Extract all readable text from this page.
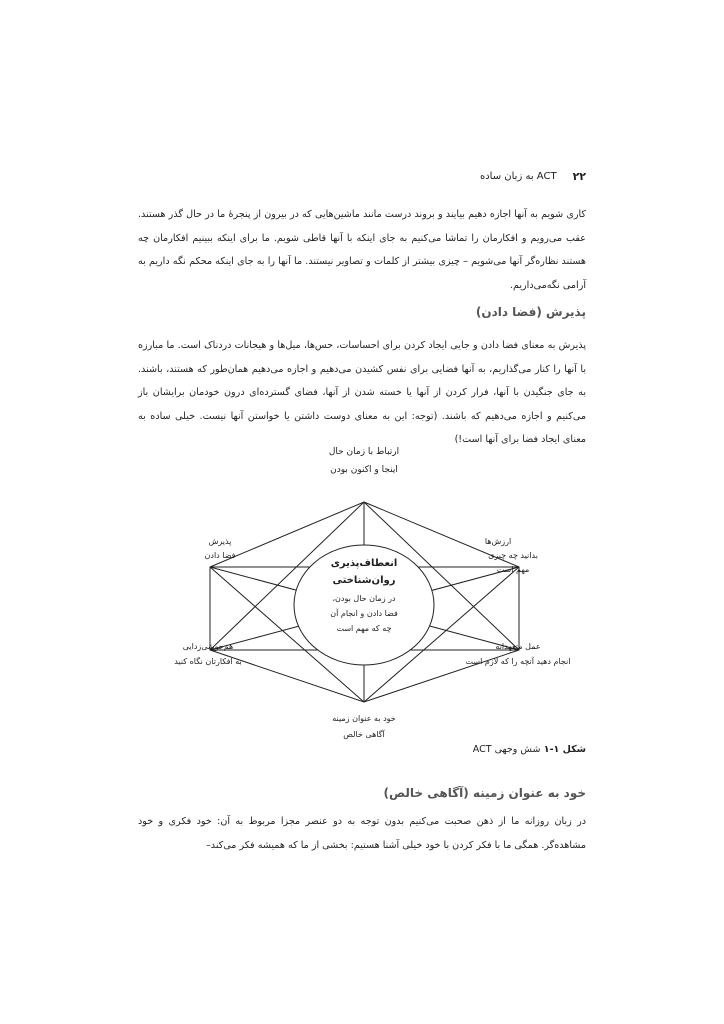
۲۲
ACT به زبان ساده
کاری شویم به آنها اجازه دهیم بیایند و بروند درست مانند ماشین‌هایی که در بیرون از پنجرهٔ ما در حال گذر هستند. عقب می‌رویم و افکارمان را تماشا می‌کنیم به جای اینکه با آنها قاطی شویم. ما برای اینکه ببینیم افکارمان چه هستند نظاره‌گر آنها می‌شویم – چیزی بیشتر از کلمات و تصاویر نیستند. ما آنها را به جای اینکه محکم نگه داریم به آرامی نگه‌می‌داریم.
پذیرش (فضا دادن)
پذیرش به معنای فضا دادن و جایی ایجاد کردن برای احساسات، حس‌ها، میل‌ها و هیجانات دردناک است. ما مبارزه با آنها را کنار می‌گذاریم، به آنها فضایی برای نفس کشیدن می‌دهیم و اجازه می‌دهیم همان‌طور که هستند، باشند. به جای جنگیدن با آنها، فرار کردن از آنها یا خسته شدن از آنها، فضای گسترده‌ای درون خودمان برایشان باز می‌کنیم و اجازه می‌دهیم که باشند. (توجه: این به معنای دوست داشتن یا خواستن آنها نیست. خیلی ساده به معنای ایجاد فضا برای آنها است!)
انعطاف‌پذیری
روان‌شناختی
در زمان حال بودن،
فضا دادن و انجام آن
چه که مهم است
ارتباط با زمان حال
اینجا و اکنون بودن
پذیرش
فضا دادن
ارزش‌ها
بدانید چه چیزی
مهم است
هم‌جوشی‌زدایی
به افکارتان نگاه کنید
عمل متعهدانه
انجام دهید آنچه را که لازم است
خود به عنوان زمینه
آگاهی خالص
شکل ۱-۱ شش وجهی ACT
خود به عنوان زمینه (آگاهی خالص)
در زبان روزانه ما از ذهن صحبت می‌کنیم بدون توجه به دو عنصر مجزا مربوط به آن: خود فکری و خود مشاهده‌گر. همگی ما با فکر کردن با خود خیلی آشنا هستیم: بخشی از ما که همیشه فکر می‌کند–
